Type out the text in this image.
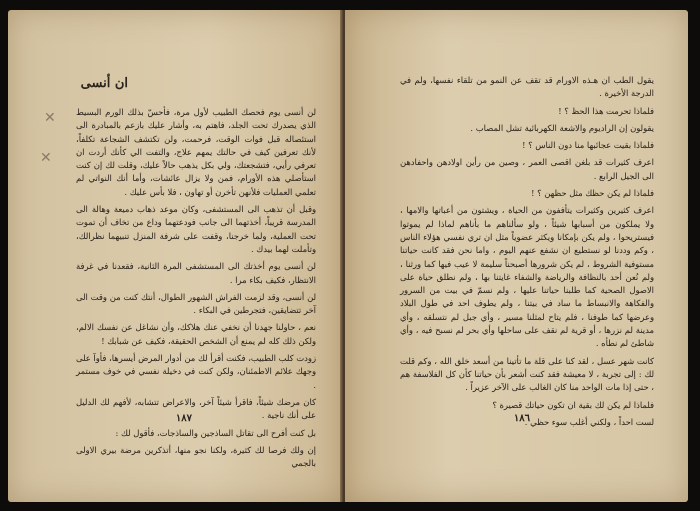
ان أنسى
✕
✕

لن أنسى يوم فحصك الطبيب لأول مرة، فأحسّ بذلك الورم البسيط الذي يصدرك تحت الجلد، فاهتم به، وأشار عليك بازعم بالمبادرة الى استئصاله قبل فوات الوقت، فرحمت، ولن تكتشف الشجاعة تكلفاً، لأنك تعرفين كيف في حالتك يمهم علاج، والتفت الي كأنك أردت ان تعرفي رأيي، فتشجعتك، ولي بكل يذهب حالاً عليك، وقلت لك إن كنت استأصلي هذه الأورام، فمن ولا يزال عائشات، وأما أنك النواتي لم تعلمي العمليات فلأنهن تأخرن أو تهاون ، فلا بأس عليك .

وقبل أن تذهب الى المستشفى، وكان موعد ذهاب دميعة وهالة الى المدرسة قريباً، أخذتهما الى جانب فودعتهما وداع من تخاف أن تموت تحت العملية، ولما خرجنا، وقفت على شرفة المنزل تنبيهما نظرالك، وتأملت لهما بيدك .

لن أنسى يوم أخذتك الى المستشفى المرة الثانية، فقعدنا في غرفة الانتظار، فكيف بكاء مرا .

لن أنسى، وقد لزمت الفراش الشهور الطوال، أنتك كنت من وقت الى آخر تتضايقين، فتجرطين في البكاء .

نعم ، حاولنا جهدنا أن نخفي عنك هلاكك، وأن نشاغل عن نفسك الالم، ولكن ذلك كله لم يمنع أن الشخص الحقيقة، فكيف عن شبابك !

زودت كلب الطبيب، فكنت أقرأ لك من أدوار المرض أيسرها، فأوآ على وجهك علائم الاطمئنان، ولكن كنت في دخيلة نفسي في خوف مستمر .

كان مرضك شيئاً، فاقرأ شيئاً آخر، والاعراض تتشابه، لأفهم لك الدليل على أنك ناجية .

بل كنت أفرح الى تقاتل الساذجين والساذجات، فأقول لك :

إن ولك فرصا لك كثيرة، ولكنا نجو منها، أتذكرين مرضة بيري الاولى بالجمي

١٨٧

يقول الطب ان هـذه الاورام قد تقف عن النمو من تلقاء نفسها، ولم في الدرجة الأخيرة .

فلماذا تحرمت هذا الحظ ؟ !

يقولون إن الراديوم والاشعة الكهربائية تشل المصاب .

فلماذا بقيت عجائبها منا دون الناس ؟ !

اعرف كثيرات قد بلغن اقصى العمر ، وصين من رأين اولادهن واحفادهن الى الجيل الرابع .

فلماذا لم يكن حظك مثل حظهن ؟ !

اعرف كثيرين وكثيرات يتأففون من الحياة ، ويشتون من أعباتها والامها ، ولا يملكون من أسبابها شيئاً ، ولو سألناهم ما بأناهم لماذا لم يموتوا فيستريحوا ، ولم يكن بإمكانا ويكثر عضوياً مثل ان تري نفسي هؤلاء الناس ، وكم وددنا لو نستطيع ان نشفع عنهم اليوم ، واما نحن فقد كانت حياتنا مستوفية الشروط ، لم يكن شرورها أصبحناً سليمة لا عيب فيها كما ورثنا ، ولم نُعن أحد بالنظافة والرياضة والشفاء غايتنا بها ، ولم نطلق حياة على الاصول الصحية كما طلبنا حياتنا عليها ، ولم نسمّ في بيت من السرور والفكاهة والانبساط ما ساد في بيتنا ، ولم يطوف احد في طول البلاد وعرضها كما طوفنا ، فلم يتاح لمثلنا مسير ، وأي جبل لم نتسلقه ، وأي مدينة لم نزرها ، أو قرية لم نقف على ساحلها وأي بحر لم نسبح فيه ، وأي شاطئ لم نطأه .

كانت شهر عسل ، لقد كنا على قلة ما تأتينا من أسعد خلق الله ، وكم قلت لك : إلى تجربة ، لا معيشة فقد كنت أشعر بأن حياتنا كأن كل الفلاسفة هم ، حتى إذا مات الواحد منا كان الغالب على الآخر عزيراً .

فلماذا لم يكن لك بقية ان تكون حياتك قصيرة ؟

لست احداً ، ولكني أغلب سوء حظي .

١٨٦
